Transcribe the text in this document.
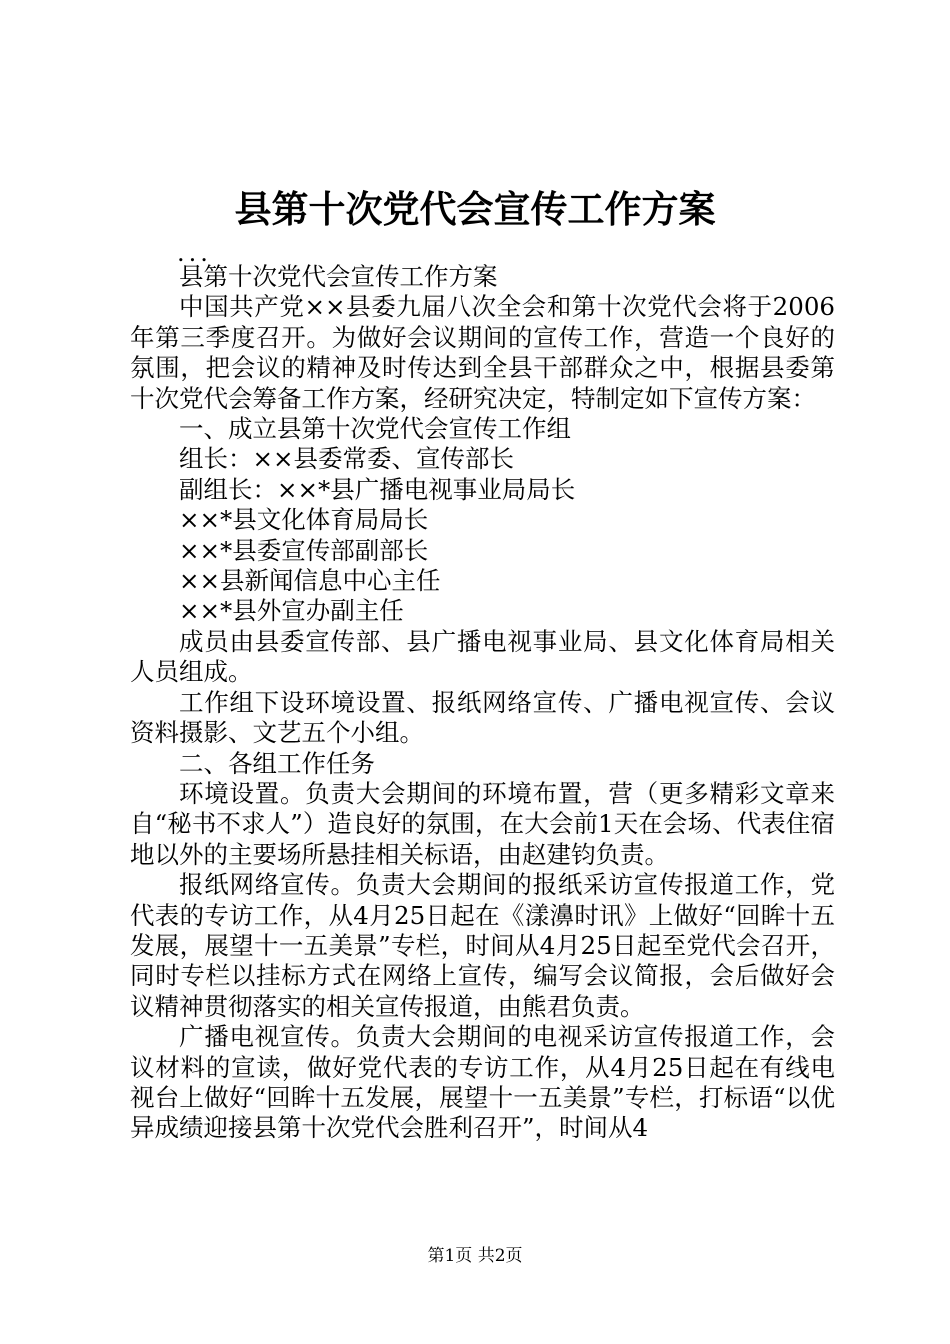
县第十次党代会宣传工作方案
...

县第十次党代会宣传工作方案

中国共产党××县委九届八次全会和第十次党代会将于2006年第三季度召开。为做好会议期间的宣传工作，营造一个良好的氛围，把会议的精神及时传达到全县干部群众之中，根据县委第十次党代会筹备工作方案，经研究决定，特制定如下宣传方案：

一、成立县第十次党代会宣传工作组

组长：××县委常委、宣传部长

副组长：××*县广播电视事业局局长

××*县文化体育局局长

××*县委宣传部副部长

××县新闻信息中心主任

××*县外宣办副主任

成员由县委宣传部、县广播电视事业局、县文化体育局相关人员组成。

工作组下设环境设置、报纸网络宣传、广播电视宣传、会议资料摄影、文艺五个小组。

二、各组工作任务

环境设置。负责大会期间的环境布置，营（更多精彩文章来自“秘书不求人”）造良好的氛围，在大会前1天在会场、代表住宿地以外的主要场所悬挂相关标语，由赵建钧负责。

报纸网络宣传。负责大会期间的报纸采访宣传报道工作，党代表的专访工作，从4月25日起在《漾濞时讯》上做好“回眸十五发展，展望十一五美景”专栏，时间从4月25日起至党代会召开，同时专栏以挂标方式在网络上宣传，编写会议简报，会后做好会议精神贯彻落实的相关宣传报道，由熊君负责。

广播电视宣传。负责大会期间的电视采访宣传报道工作，会议材料的宣读，做好党代表的专访工作，从4月25日起在有线电视台上做好“回眸十五发展，展望十一五美景”专栏，打标语“以优异成绩迎接县第十次党代会胜利召开”，时间从4

第1页 共2页
